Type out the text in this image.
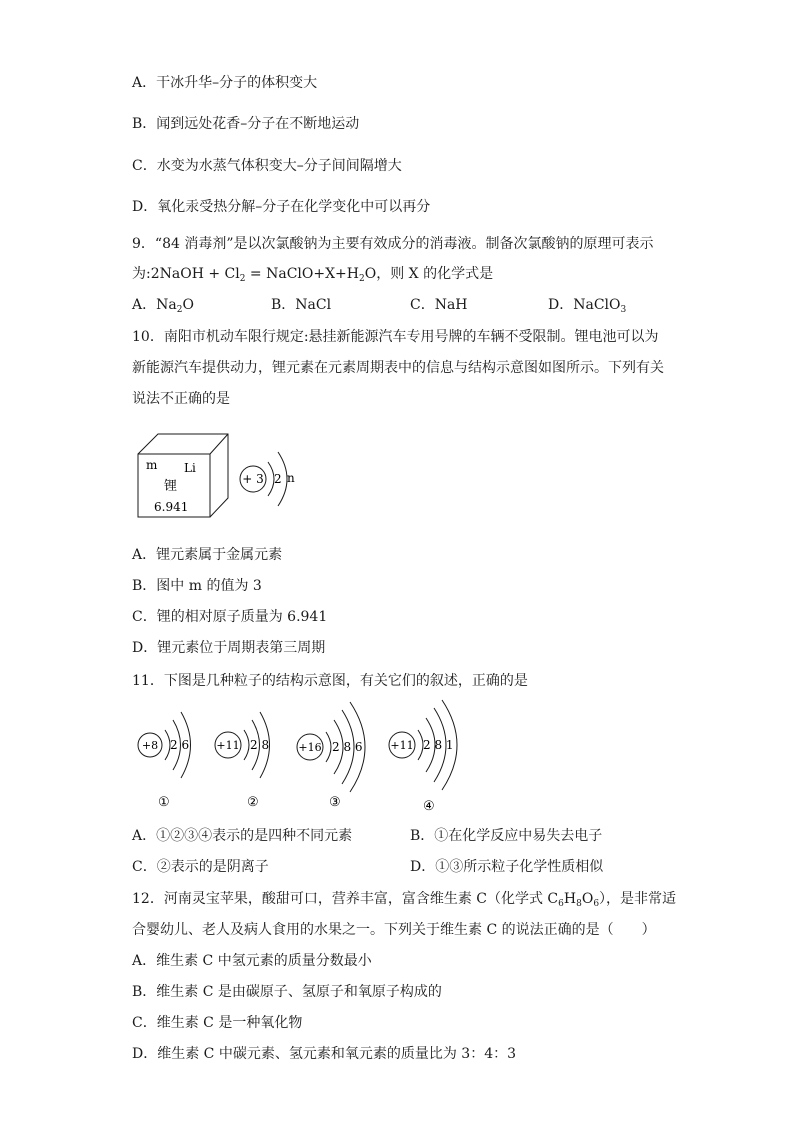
A．干冰升华–分子的体积变大
B．闻到远处花香–分子在不断地运动
C．水变为水蒸气体积变大–分子间间隔增大
D．氧化汞受热分解–分子在化学变化中可以再分
9．“84 消毒剂”是以次氯酸钠为主要有效成分的消毒液。制备次氯酸钠的原理可表示
为:2NaOH + $Cl_2$ = $NaClO+X+H_2O$，则 X 的化学式是
A．$Na_2O$	B．NaCl	C．NaH	D．NaClO$_3$
10．南阳市机动车限行规定:悬挂新能源汽车专用号牌的车辆不受限制。锂电池可以为
新能源汽车提供动力，锂元素在元素周期表中的信息与结构示意图如图所示。下列有关
说法不正确的是
m Li
锂
6.941
+ 3 2 n
A．锂元素属于金属元素
B．图中 m 的值为 3
C．锂的相对原子质量为 6.941
D．锂元素位于周期表第三周期
11．下图是几种粒子的结构示意图，有关它们的叙述，正确的是
+8 2 6
①
+11 2 8
②
+16 2 8 6
③
+11 2 8 1
④
A．①②③④表示的是四种不同元素	B．①在化学反应中易失去电子
C．②表示的是阴离子	D．①③所示粒子化学性质相似
12．河南灵宝苹果，酸甜可口，营养丰富，富含维生素 C（化学式 $C_6H_8O_6$），是非常适
合婴幼儿、老人及病人食用的水果之一。下列关于维生素 C 的说法正确的是（　　）
A．维生素 C 中氢元素的质量分数最小
B．维生素 C 是由碳原子、氢原子和氧原子构成的
C．维生素 C 是一种氧化物
D．维生素 C 中碳元素、氢元素和氧元素的质量比为 3：4：3
